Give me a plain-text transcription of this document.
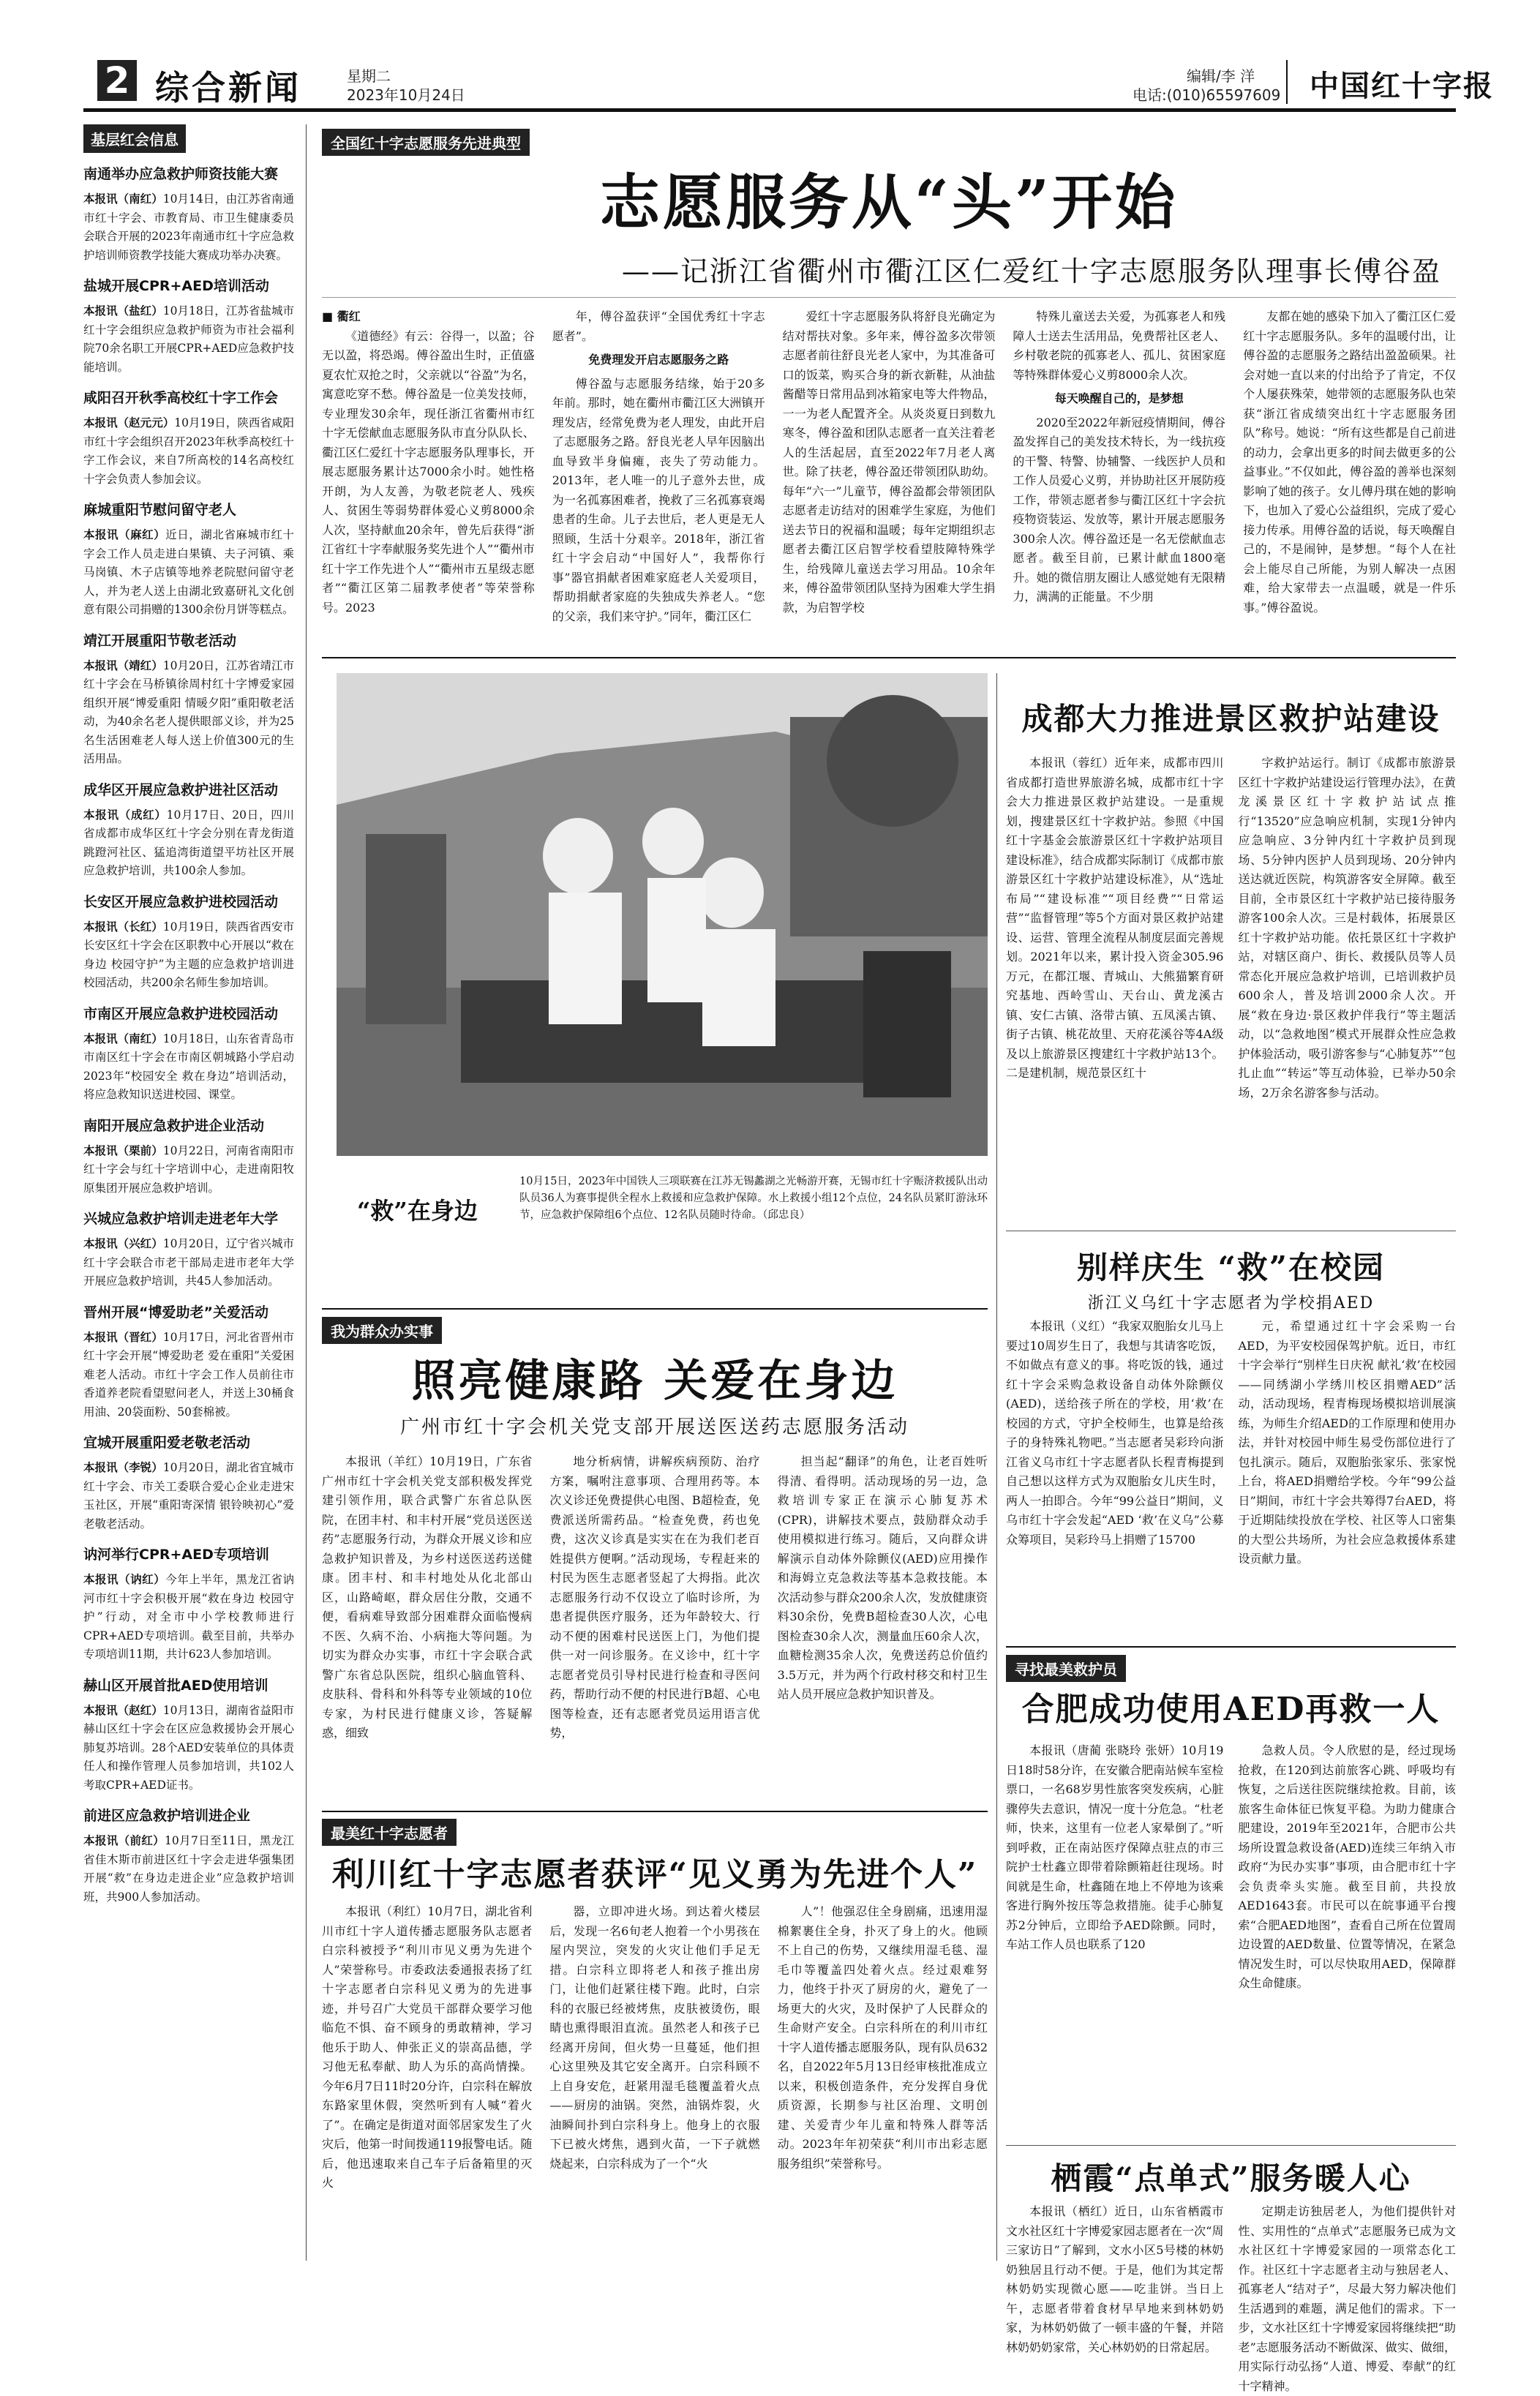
2 综合新闻	星期二
2023年10月24日
编辑/李 洋
电话:(010)65597609 中国红十字报
基层红会信息
南通举办应急救护师资技能大赛
本报讯（南红）10月14日，由江苏省南通市红十字会、市教育局、市卫生健康委员会联合开展的2023年南通市红十字应急救护培训师资教学技能大赛成功举办决赛。
盐城开展CPR+AED培训活动
本报讯（盐红）10月18日，江苏省盐城市红十字会组织应急救护师资为市社会福利院70余名职工开展CPR+AED应急救护技能培训。
咸阳召开秋季高校红十字工作会
本报讯（赵元元）10月19日，陕西省咸阳市红十字会组织召开2023年秋季高校红十字工作会议，来自7所高校的14名高校红十字会负责人参加会议。
麻城重阳节慰问留守老人
本报讯（麻红）近日，湖北省麻城市红十字会工作人员走进白果镇、夫子河镇、乘马岗镇、木子店镇等地养老院慰问留守老人，并为老人送上由湖北致嘉研礼文化创意有限公司捐赠的1300余份月饼等糕点。
靖江开展重阳节敬老活动
本报讯（靖红）10月20日，江苏省靖江市红十字会在马桥镇徐周村红十字博爱家园组织开展“博爱重阳 情暖夕阳”重阳敬老活动，为40余名老人提供眼部义诊，并为25名生活困难老人每人送上价值300元的生活用品。
成华区开展应急救护进社区活动
本报讯（成红）10月17日、20日，四川省成都市成华区红十字会分别在青龙街道跳蹬河社区、猛追湾街道望平坊社区开展应急救护培训，共100余人参加。
长安区开展应急救护进校园活动
本报讯（长红）10月19日，陕西省西安市长安区红十字会在区职教中心开展以“救在身边 校园守护”为主题的应急救护培训进校园活动，共200余名师生参加培训。
市南区开展应急救护进校园活动
本报讯（南红）10月18日，山东省青岛市市南区红十字会在市南区朝城路小学启动2023年“校园安全 救在身边”培训活动，将应急救知识送进校园、课堂。
南阳开展应急救护进企业活动
本报讯（栗前）10月22日，河南省南阳市红十字会与红十字培训中心，走进南阳牧原集团开展应急救护培训。
兴城应急救护培训走进老年大学
本报讯（兴红）10月20日，辽宁省兴城市红十字会联合市老干部局走进市老年大学开展应急救护培训，共45人参加活动。
晋州开展“博爱助老”关爱活动
本报讯（晋红）10月17日，河北省晋州市红十字会开展“博爱助老 爱在重阳”关爱困难老人活动。市红十字会工作人员前往市香道养老院看望慰问老人，并送上30桶食用油、20袋面粉、50套棉被。
宜城开展重阳爱老敬老活动
本报讯（李锐）10月20日，湖北省宜城市红十字会、市关工委联合爱心企业走进宋玉社区，开展“重阳寄深情 银铃映初心”爱老敬老活动。
讷河举行CPR+AED专项培训
本报讯（讷红）今年上半年，黑龙江省讷河市红十字会积极开展“救在身边 校园守护”行动，对全市中小学校教师进行CPR+AED专项培训。截至目前，共举办专项培训11期，共计623人参加培训。
赫山区开展首批AED使用培训
本报讯（赵红）10月13日，湖南省益阳市赫山区红十字会在区应急救援协会开展心肺复苏培训。28个AED安装单位的具体责任人和操作管理人员参加培训，共102人考取CPR+AED证书。
前进区应急救护培训进企业
本报讯（前红）10月7日至11日，黑龙江省佳木斯市前进区红十字会走进华强集团开展“救”在身边走进企业”应急救护培训班，共900人参加活动。
全国红十字志愿服务先进典型
志愿服务从“头”开始
——记浙江省衢州市衢江区仁爱红十字志愿服务队理事长傅谷盈

■ 衢红

《道德经》有云：谷得一，以盈；谷无以盈，将恐竭。傅谷盈出生时，正值盛夏农忙双抢之时，父亲就以“谷盈”为名，寓意吃穿不愁。傅谷盈是一位美发技师，专业理发30余年，现任浙江省衢州市红十字无偿献血志愿服务队市直分队队长、衢江区仁爱红十字志愿服务队理事长，开展志愿服务累计达7000余小时。她性格开朗，为人友善，为敬老院老人、残疾人、贫困生等弱势群体爱心义剪8000余人次，坚持献血20余年，曾先后获得“浙江省红十字奉献服务奖先进个人”“衢州市红十字工作先进个人”“衢州市五星级志愿者”“衢江区第二届教孝使者”等荣誉称号。2023

年，傅谷盈获评“全国优秀红十字志愿者”。

免费理发开启志愿服务之路

傅谷盈与志愿服务结缘，始于20多年前。那时，她在衢州市衢江区大洲镇开理发店，经常免费为老人理发，由此开启了志愿服务之路。舒良光老人早年因脑出血导致半身偏瘫，丧失了劳动能力。2013年，老人唯一的儿子意外去世，成为一名孤寡困难者，挽救了三名孤寡衰竭患者的生命。儿子去世后，老人更是无人照顾，生活十分艰辛。2018年，浙江省红十字会启动“中国好人”，我帮你行事”器官捐献者困难家庭老人关爱项目，帮助捐献者家庭的失独成失养老人。“您的父亲，我们来守护。”同年，衢江区仁

爱红十字志愿服务队将舒良光确定为结对帮扶对象。多年来，傅谷盈多次带领志愿者前往舒良光老人家中，为其准备可口的饭菜，购买合身的新衣新鞋，从油盐酱醋等日常用品到冰箱家电等大件物品，一一为老人配置齐全。从炎炎夏日到数九寒冬，傅谷盈和团队志愿者一直关注着老人的生活起居，直至2022年7月老人离世。除了扶老，傅谷盈还带领团队助幼。每年“六一”儿童节，傅谷盈都会带领团队志愿者走访结对的困难学生家庭，为他们送去节日的祝福和温暖；每年定期组织志愿者去衢江区启智学校看望肢障特殊学生，给残障儿童送去学习用品。10余年来，傅谷盈带领团队坚持为困难大学生捐款，为启智学校

特殊儿童送去关爱，为孤寡老人和残障人士送去生活用品，免费帮社区老人、乡村敬老院的孤寡老人、孤儿、贫困家庭等特殊群体爱心义剪8000余人次。

每天唤醒自己的，是梦想

2020至2022年新冠疫情期间，傅谷盈发挥自己的美发技术特长，为一线抗疫的干警、特警、协辅警、一线医护人员和工作人员爱心义剪，并协助社区开展防疫工作，带领志愿者参与衢江区红十字会抗疫物资装运、发放等，累计开展志愿服务300余人次。傅谷盈还是一名无偿献血志愿者。截至目前，已累计献血1800毫升。她的微信朋友圈让人感觉她有无限精力，满满的正能量。不少朋

友都在她的感染下加入了衢江区仁爱红十字志愿服务队。多年的温暖付出，让傅谷盈的志愿服务之路结出盈盈硕果。社会对她一直以来的付出给予了肯定，不仅个人屡获殊荣，她带领的志愿服务队也荣获“浙江省成绩突出红十字志愿服务团队”称号。她说：“所有这些都是自己前进的动力，会拿出更多的时间去做更多的公益事业。”不仅如此，傅谷盈的善举也深刻影响了她的孩子。女儿傅丹琪在她的影响下，也加入了爱心公益组织，完成了爱心接力传承。用傅谷盈的话说，每天唤醒自己的，不是闹钟，是梦想。“每个人在社会上能尽自己所能，为别人解决一点困难，给大家带去一点温暖，就是一件乐事。”傅谷盈说。

“救”在身边
10月15日，2023年中国铁人三项联赛在江苏无锡蠡湖之光畅游开赛，无锡市红十字赈济救援队出动队员36人为赛事提供全程水上救援和应急救护保障。水上救援小组12个点位，24名队员紧盯游泳环节，应急救护保障组6个点位、12名队员随时待命。（邱忠良）
成都大力推进景区救护站建设

本报讯（蓉红）近年来，成都市四川省成都打造世界旅游名城，成都市红十字会大力推进景区救护站建设。一是重规划，搜建景区红十字救护站。参照《中国红十字基金会旅游景区红十字救护站项目建设标准》，结合成都实际制订《成都市旅游景区红十字救护站建设标准》，从“选址布局”“建设标准”“项目经费”“日常运营”“监督管理”等5个方面对景区救护站建设、运营、管理全流程从制度层面完善规划。2021年以来，累计投入资金305.96万元，在都江堰、青城山、大熊猫繁育研究基地、西岭雪山、天台山、黄龙溪古镇、安仁古镇、洛带古镇、五凤溪古镇、街子古镇、桃花故里、天府花溪谷等4A级及以上旅游景区搜建红十字救护站13个。二是建机制，规范景区红十

字救护站运行。制订《成都市旅游景区红十字救护站建设运行管理办法》，在黄龙溪景区红十字救护站试点推行“13520”应急响应机制，实现1分钟内应急响应、3分钟内红十字救护员到现场、5分钟内医护人员到现场、20分钟内送达就近医院，构筑游客安全屏障。截至目前，全市景区红十字救护站已接待服务游客100余人次。三是村载体，拓展景区红十字救护站功能。依托景区红十字救护站，对辖区商户、街长、救援队员等人员常态化开展应急救护培训，已培训救护员600余人，普及培训2000余人次。开展“救在身边·景区救护伴我行”等主题活动，以“急救地图”模式开展群众性应急救护体验活动，吸引游客参与“心肺复苏”“包扎止血”“转运”等互动体验，已举办50余场，2万余名游客参与活动。

别样庆生 “救”在校园
浙江义乌红十字志愿者为学校捐AED

本报讯（义红）“我家双胞胎女儿马上要过10周岁生日了，我想与其请客吃饭，不如做点有意义的事。将吃饭的钱，通过红十字会采购急救设备自动体外除颤仪(AED)，送给孩子所在的学校，用‘救’在校园的方式，守护全校师生，也算是给孩子的身特殊礼物吧。”当志愿者吴彩玲向浙江省义乌市红十字志愿者队长程青梅提到自己想以这样方式为双胞胎女儿庆生时，两人一拍即合。今年“99公益日”期间，义乌市红十字会发起“AED ‘救’在义乌”公募众筹项目，吴彩玲马上捐赠了15700

元，希望通过红十字会采购一台AED，为平安校园保驾护航。近日，市红十字会举行“别样生日庆祝 献礼‘救’在校园——同绣湖小学绣川校区捐赠AED”活动，活动现场，程青梅现场模拟培训展演练，为师生介绍AED的工作原理和使用办法，并针对校园中师生易受伤部位进行了包扎演示。随后，双胞胎张家乐、张家悦上台，将AED捐赠给学校。今年“99公益日”期间，市红十字会共筹得7台AED，将于近期陆续投放在学校、社区等人口密集的大型公共场所，为社会应急救援体系建设贡献力量。

我为群众办实事
照亮健康路 关爱在身边
广州市红十字会机关党支部开展送医送药志愿服务活动

本报讯（羊红）10月19日，广东省广州市红十字会机关党支部积极发挥党建引领作用，联合武警广东省总队医院，在团丰村、和丰村开展“党员送医送药”志愿服务行动，为群众开展义诊和应急救护知识普及，为乡村送医送药送健康。团丰村、和丰村地处从化北部山区，山路崎岖，群众居住分散，交通不便，看病难导致部分困难群众面临慢病不医、久病不治、小病拖大等问题。为切实为群众办实事，市红十字会联合武警广东省总队医院，组织心脑血管科、皮肤科、骨科和外科等专业领域的10位专家，为村民进行健康义诊，答疑解惑，细致

地分析病情，讲解疾病预防、治疗方案，嘱咐注意事项、合理用药等。本次义诊还免费提供心电图、B超检查，免费派送所需药品。“检查免费，药也免费，这次义诊真是实实在在为我们老百姓提供方便啊。”活动现场，专程赶来的村民为医生志愿者竖起了大拇指。此次志愿服务行动不仅设立了临时诊所，为患者提供医疗服务，还为年龄较大、行动不便的困难村民送医上门，为他们提供一对一问诊服务。在义诊中，红十字志愿者党员引导村民进行检查和寻医问药，帮助行动不便的村民进行B超、心电图等检查，还有志愿者党员运用语言优势，

担当起“翻译”的角色，让老百姓听得清、看得明。活动现场的另一边，急救培训专家正在演示心肺复苏术(CPR)，讲解技术要点，鼓励群众动手使用模拟进行练习。随后，又向群众讲解演示自动体外除颤仪(AED)应用操作和海姆立克急救法等基本急救技能。本次活动参与群众200余人次，发放健康资料30余份，免费B超检查30人次，心电图检查30余人次，测量血压60余人次，血糖检测35余人次，免费送药总价值约3.5万元，并为两个行政村移交和村卫生站人员开展应急救护知识普及。

寻找最美救护员
合肥成功使用AED再救一人

本报讯（唐蔺 张晓玲 张妍）10月19日18时58分许，在安徽合肥南站候车室检票口，一名68岁男性旅客突发疾病，心脏骤停失去意识，情况一度十分危急。“杜老师，快来，这里有一位老人家晕倒了。”听到呼救，正在南站医疗保障点驻点的市三院护士杜鑫立即带着除颤箱赶往现场。时间就是生命，杜鑫随在地上不停地为该乘客进行胸外按压等急救措施。徒手心肺复苏2分钟后，立即给予AED除颤。同时，车站工作人员也联系了120

急救人员。令人欣慰的是，经过现场抢救，在120到达前旅客心跳、呼吸均有恢复，之后送往医院继续抢救。目前，该旅客生命体征已恢复平稳。为助力健康合肥建设，2019年至2021年，合肥市公共场所设置急救设备(AED)连续三年纳入市政府“为民办实事”事项，由合肥市红十字会负责牵头实施。截至目前，共投放AED1643套。市民可以在皖事通平台搜索“合肥AED地图”，查看自己所在位置周边设置的AED数量、位置等情况，在紧急情况发生时，可以尽快取用AED，保障群众生命健康。

最美红十字志愿者
利川红十字志愿者获评“见义勇为先进个人”

本报讯（利红）10月7日，湖北省利川市红十字人道传播志愿服务队志愿者白宗科被授予“利川市见义勇为先进个人”荣誉称号。市委政法委通报表扬了红十字志愿者白宗科见义勇为的先进事迹，并号召广大党员干部群众要学习他临危不惧、奋不顾身的勇敢精神，学习他乐于助人、伸张正义的崇高品德，学习他无私奉献、助人为乐的高尚情操。今年6月7日11时20分许，白宗科在解放东路家里休假，突然听到有人喊“着火了”。在确定是街道对面邻居家发生了火灾后，他第一时间拨通119报警电话。随后，他迅速取来自己车子后备箱里的灭火

器，立即冲进火场。到达着火楼层后，发现一名6旬老人抱着一个小男孩在屋内哭泣，突发的火灾让他们手足无措。白宗科立即将老人和孩子推出房门，让他们赶紧往楼下跑。此时，白宗科的衣服已经被烤焦，皮肤被烫伤，眼睛也熏得眼泪直流。虽然老人和孩子已经离开房间，但火势一旦蔓延，他们担心这里殃及其它安全离开。白宗科顾不上自身安危，赶紧用湿毛毯覆盖着火点——厨房的油锅。突然，油锅炸裂，火油瞬间扑到白宗科身上。他身上的衣服下已被火烤焦，遇到火苗，一下子就燃烧起来，白宗科成为了一个“火

人”！他强忍住全身剧痛，迅速用湿棉絮裹住全身，扑灭了身上的火。他顾不上自己的伤势，又继续用湿毛毯、湿毛巾等覆盖四处着火点。经过艰难努力，他终于扑灭了厨房的火，避免了一场更大的火灾，及时保护了人民群众的生命财产安全。白宗科所在的利川市红十字人道传播志愿服务队，现有队员632名，自2022年5月13日经审核批准成立以来，积极创造条件，充分发挥自身优质资源，长期参与社区治理、文明创建、关爱青少年儿童和特殊人群等活动。2023年年初荣获“利川市出彩志愿服务组织”荣誉称号。	栖霞“点单式”服务暖人心

本报讯（栖红）近日，山东省栖霞市文水社区红十字博爱家园志愿者在一次“周三家访日”了解到，文水小区5号楼的林奶奶独居且行动不便。于是，他们为其定帮林奶奶实现微心愿——吃韭饼。当日上午，志愿者带着食材早早地来到林奶奶家，为林奶奶做了一顿丰盛的午餐，并陪林奶奶奶家常，关心林奶奶的日常起居。

定期走访独居老人，为他们提供针对性、实用性的“点单式”志愿服务已成为文水社区红十字博爱家园的一项常态化工作。社区红十字志愿者主动与独居老人、孤寡老人“结对子”，尽最大努力解决他们生活遇到的难题，满足他们的需求。下一步，文水社区红十字博爱家园将继续把“助老”志愿服务活动不断做深、做实、做细，用实际行动弘扬“人道、博爱、奉献”的红十字精神。
